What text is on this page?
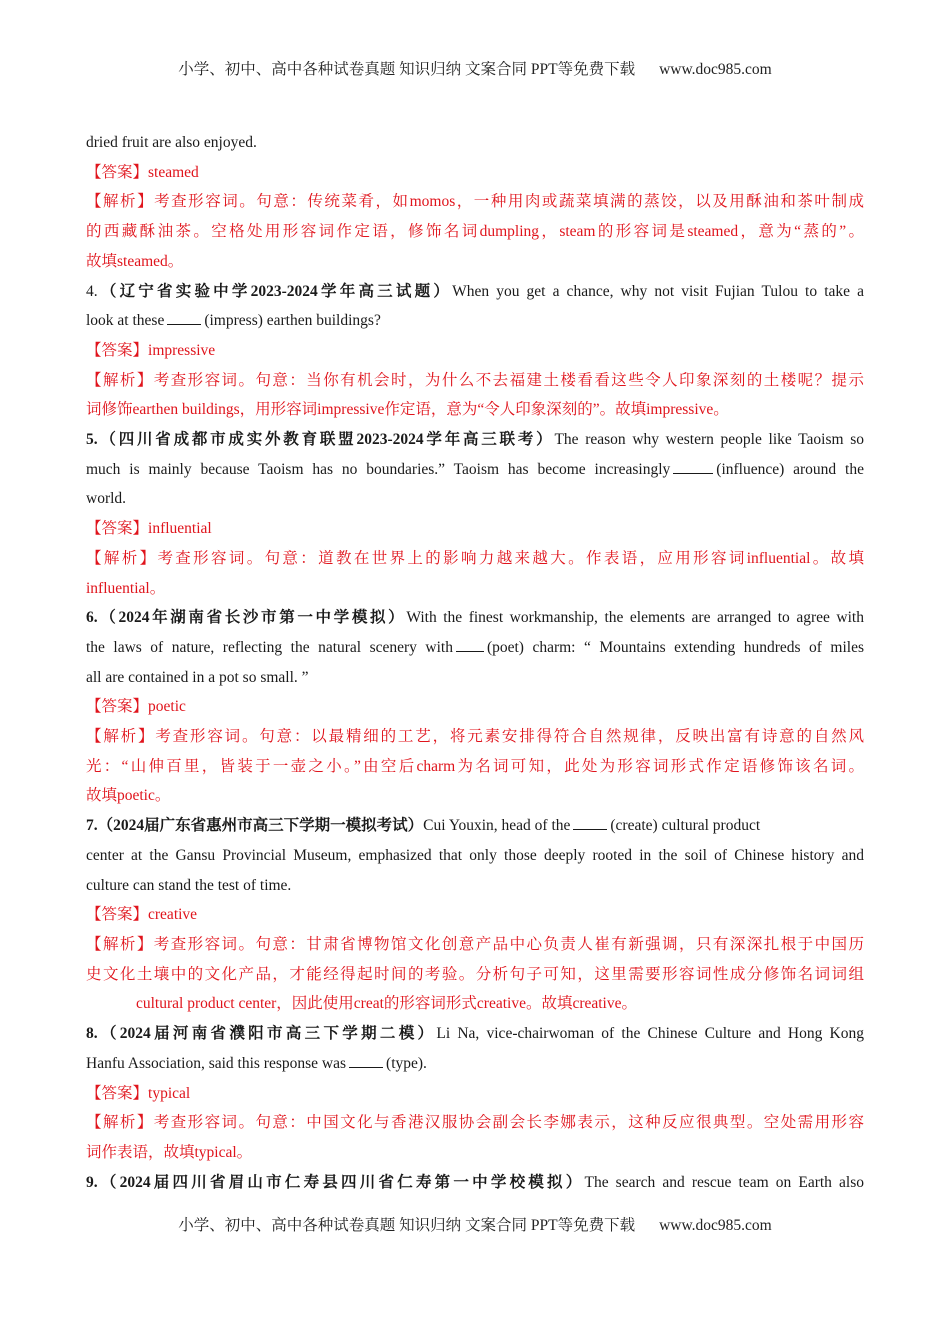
小学、初中、高中各种试卷真题 知识归纳 文案合同 PPT等免费下载 www.doc985.com

dried fruit are also enjoyed.

【答案】steamed

【解析】考查形容词。句意：传统菜肴，如momos，一种用肉或蔬菜填满的蒸饺，以及用酥油和茶叶制成

的西藏酥油茶。空格处用形容词作定语，修饰名词dumpling，steam的形容词是steamed，意为“蒸的”。

故填steamed。

4.（辽宁省实验中学2023-2024学年高三试题）When you get a chance, why not visit Fujian Tulou to take a

look at these	(impress) earthen buildings?

【答案】impressive

【解析】考查形容词。句意：当你有机会时，为什么不去福建土楼看看这些令人印象深刻的土楼呢？提示

词修饰earthen buildings，用形容词impressive作定语，意为“令人印象深刻的”。故填impressive。

5.（四川省成都市成实外教育联盟2023-2024学年高三联考）The reason why western people like Taoism so

much is mainly because Taoism has no boundaries.” Taoism has become increasingly	(influence) around the

world.

【答案】influential

【解析】考查形容词。句意：道教在世界上的影响力越来越大。作表语，应用形容词influential。故填

influential。

6.（2024年湖南省长沙市第一中学模拟）With the finest workmanship, the elements are arranged to agree with

the laws of nature, reflecting the natural scenery with (poet) charm: “ Mountains extending hundreds of miles

all are contained in a pot so small. ”

【答案】poetic

【解析】考查形容词。句意：以最精细的工艺，将元素安排得符合自然规律，反映出富有诗意的自然风

光：“山伸百里，皆装于一壶之小。”由空后charm为名词可知，此处为形容词形式作定语修饰该名词。

故填poetic。

7.（2024届广东省惠州市高三下学期一模拟考试）Cui Youxin, head of the	(create) cultural product

center at the Gansu Provincial Museum, emphasized that only those deeply rooted in the soil of Chinese history and

culture can stand the test of time.

【答案】creative

【解析】考查形容词。句意：甘肃省博物馆文化创意产品中心负责人崔有新强调，只有深深扎根于中国历

史文化土壤中的文化产品，才能经得起时间的考验。分析句子可知，这里需要形容词性成分修饰名词词组

cultural product center，因此使用creat的形容词形式creative。故填creative。

8.（2024届河南省濮阳市高三下学期二模）Li Na, vice-chairwoman of the Chinese Culture and Hong Kong

Hanfu Association, said this response was	(type).

【答案】typical

【解析】考查形容词。句意：中国文化与香港汉服协会副会长李娜表示，这种反应很典型。空处需用形容

词作表语，故填typical。

9.（2024届四川省眉山市仁寿县四川省仁寿第一中学校模拟）The search and rescue team on Earth also

小学、初中、高中各种试卷真题 知识归纳 文案合同 PPT等免费下载 www.doc985.com
